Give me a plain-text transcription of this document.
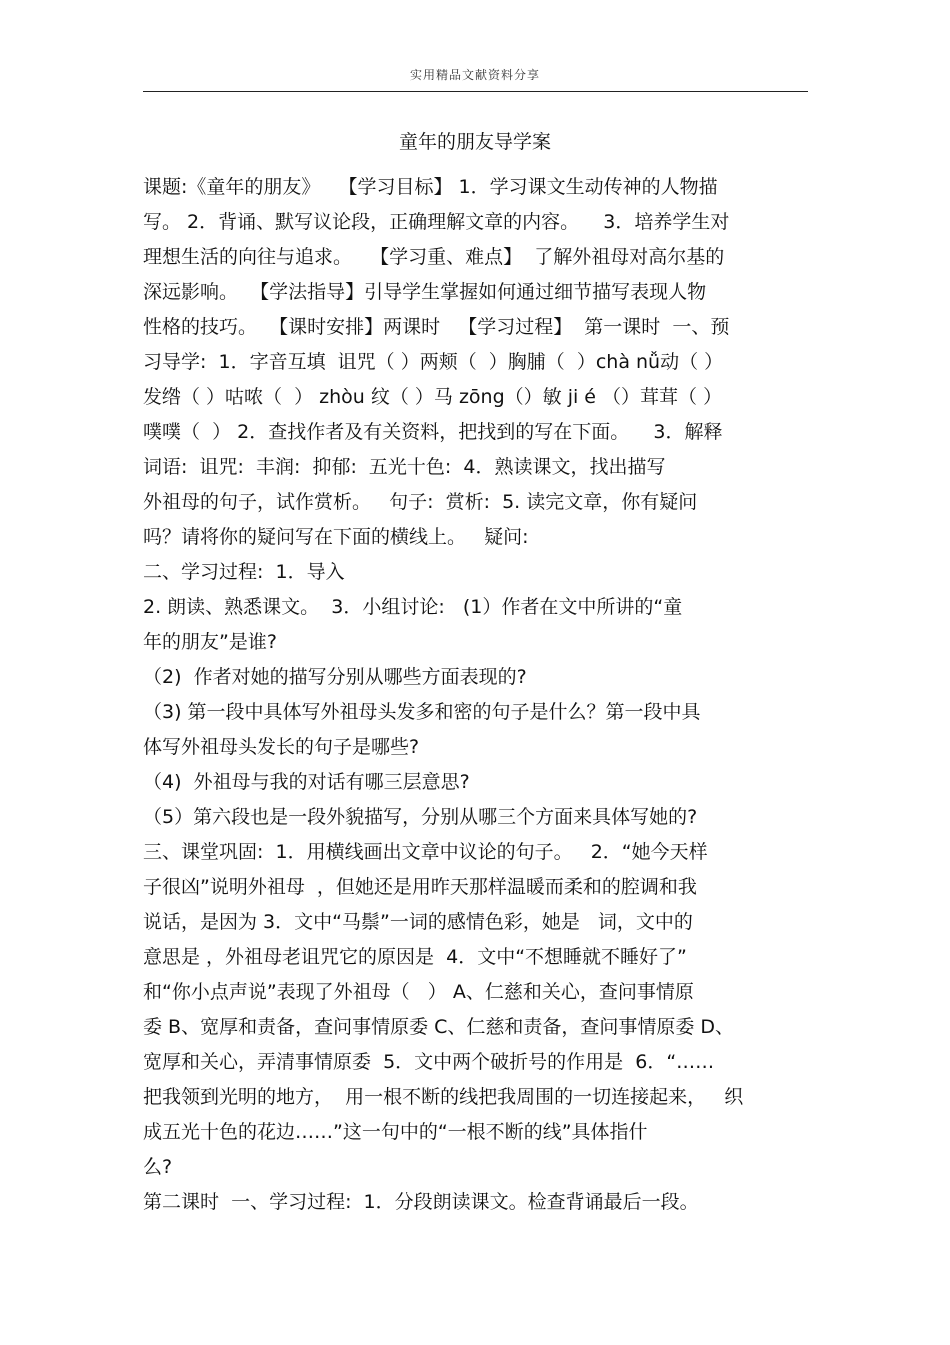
实用精品文献资料分享
童年的朋友导学案
课题:《童年的朋友》   【学习目标】 1．学习课文生动传神的人物描
写。 2．背诵、默写议论段，正确理解文章的内容。    3．培养学生对
理想生活的向往与追求。   【学习重、难点】  了解外祖母对高尔基的
深远影响。  【学法指导】引导学生掌握如何通过细节描写表现人物
性格的技巧。  【课时安排】两课时   【学习过程】  第一课时  一、预
习导学:  1．字音互填  诅咒（ ）两颊（  ）胸脯（  ）chà nǚ动（ ）
发绺（ ）咕哝（  ） zhòu 纹（ ）马 zōng（）敏 ji é （）茸茸（ ）
噗噗（  ） 2．查找作者及有关资料，把找到的写在下面。    3．解释
词语:  诅咒:  丰润:  抑郁:  五光十色:  4．熟读课文，找出描写
外祖母的句子，试作赏析。   句子:  赏析:  5. 读完文章，你有疑问
吗？请将你的疑问写在下面的横线上。   疑问:
二、学习过程:  1．导入
2. 朗读、熟悉课文。  3．小组讨论:   (1）作者在文中所讲的“童
年的朋友”是谁?
（2)  作者对她的描写分别从哪些方面表现的?
（3) 第一段中具体写外祖母头发多和密的句子是什么？第一段中具
体写外祖母头发长的句子是哪些?
（4)  外祖母与我的对话有哪三层意思?
（5）第六段也是一段外貌描写，分别从哪三个方面来具体写她的?
三、课堂巩固:  1．用横线画出文章中议论的句子。   2．“她今天样
子很凶”说明外祖母  ，但她还是用昨天那样温暖而柔和的腔调和我
说话，是因为 3．文中“马鬃”一词的感情色彩，她是   词，文中的
意思是 ，外祖母老诅咒它的原因是  4．文中“不想睡就不睡好了”
和“你小点声说”表现了外祖母（   ） A、仁慈和关心，查问事情原
委 B、宽厚和责备，查问事情原委 C、仁慈和责备，查问事情原委 D、
宽厚和关心，弄清事情原委  5．文中两个破折号的作用是  6．“……
把我领到光明的地方，  用一根不断的线把我周围的一切连接起来，   织
成五光十色的花边……”这一句中的“一根不断的线”具体指什
么?
第二课时  一、学习过程:  1．分段朗读课文。检查背诵最后一段。
